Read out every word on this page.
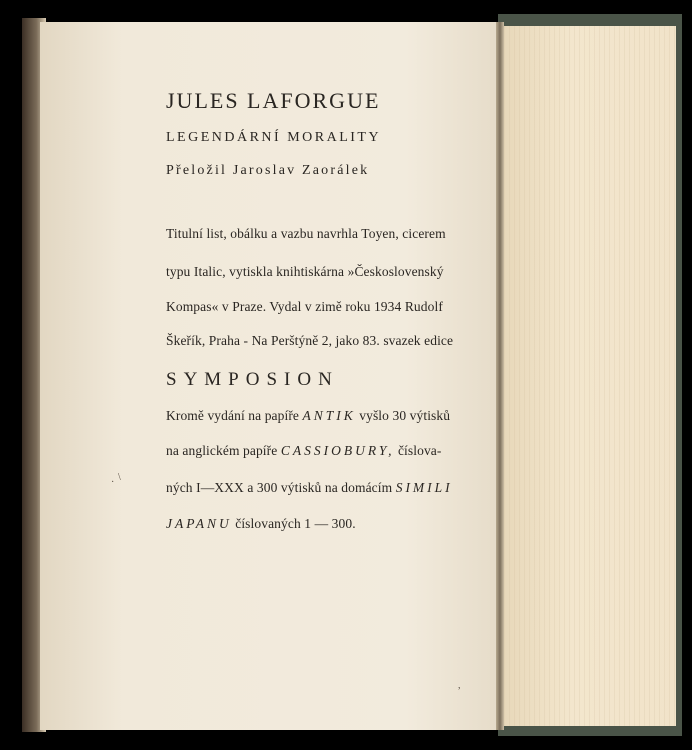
JULES LAFORGUE
LEGENDÁRNÍ MORALITY
Přeložil Jaroslav Zaorálek
Titulní list, obálku a vazbu navrhla Toyen, cicerem
typu Italic, vytiskla knihtiskárna »Československý
Kompas« v Praze. Vydal v zimě roku 1934 Rudolf
Škeřík, Praha - Na Perštýně 2, jako 83. svazek edice
SYMPOSION
Kromě vydání na papíře ANTIK vyšlo 30 výtisků
na anglickém papíře CASSIOBURY, číslova-
ných I—XXX a 300 výtisků na domácím SIMILI
JAPANU číslovaných 1 — 300.
\
·
,
